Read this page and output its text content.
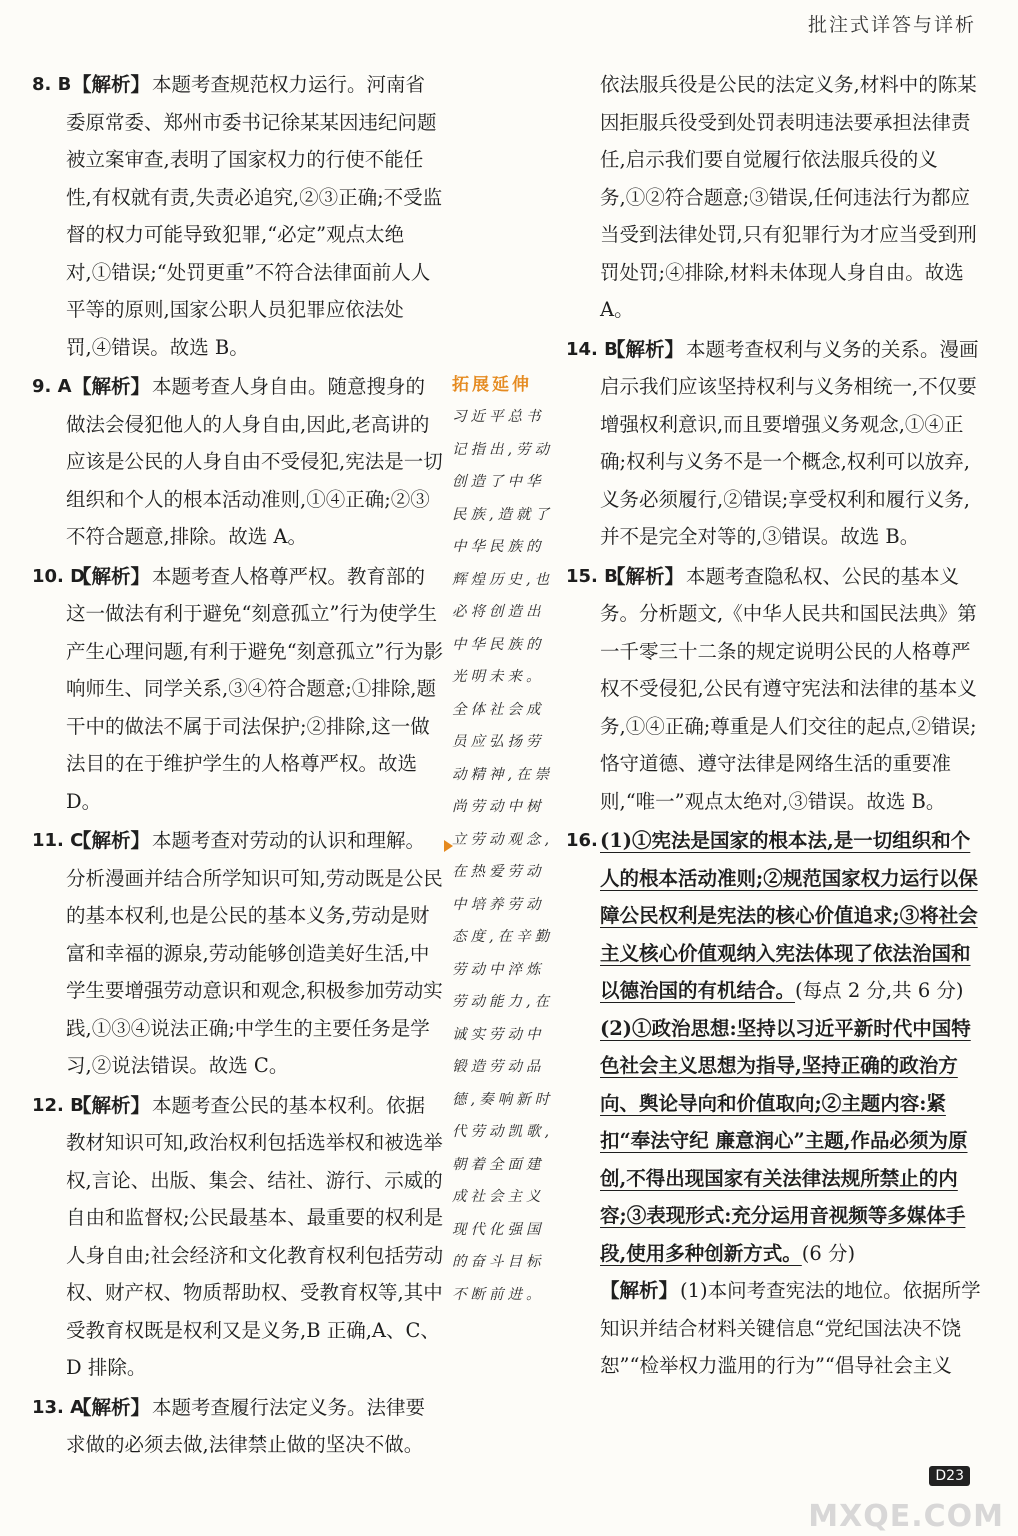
批注式详答与详析
8. B 【解析】 本题考查规范权力运行。河南省委原常委、郑州市委书记徐某某因违纪问题被立案审查,表明了国家权力的行使不能任性,有权就有责,失责必追究,②③正确;不受监督的权力可能导致犯罪,“必定”观点太绝对,①错误;“处罚更重”不符合法律面前人人平等的原则,国家公职人员犯罪应依法处罚,④错误。故选 B。
9. A 【解析】 本题考查人身自由。随意搜身的做法会侵犯他人的人身自由,因此,老高讲的应该是公民的人身自由不受侵犯,宪法是一切组织和个人的根本活动准则,①④正确;②③不符合题意,排除。故选 A。
10. D
【解析】 本题考查人格尊严权。教育部的这一做法有利于避免“刻意孤立”行为使学生产生心理问题,有利于避免“刻意孤立”行为影响师生、同学关系,③④符合题意;①排除,题干中的做法不属于司法保护;②排除,这一做法目的在于维护学生的人格尊严权。故选 D。
11. C
【解析】 本题考查对劳动的认识和理解。分析漫画并结合所学知识可知,劳动既是公民的基本权利,也是公民的基本义务,劳动是财富和幸福的源泉,劳动能够创造美好生活,中学生要增强劳动意识和观念,积极参加劳动实践,①③④说法正确;中学生的主要任务是学习,②说法错误。故选 C。
12. B
【解析】 本题考查公民的基本权利。依据教材知识可知,政治权利包括选举权和被选举权,言论、出版、集会、结社、游行、示威的自由和监督权;公民最基本、最重要的权利是人身自由;社会经济和文化教育权利包括劳动权、财产权、物质帮助权、受教育权等,其中受教育权既是权利又是义务,B 正确,A、C、D 排除。
13. A
【解析】 本题考查履行法定义务。法律要求做的必须去做,法律禁止做的坚决不做。
拓展延伸
习近平总书记指出,劳动创造了中华民族,造就了中华民族的辉煌历史,也必将创造出中华民族的光明未来。全体社会成员应弘扬劳动精神,在崇尚劳动中树立劳动观念,在热爱劳动中培养劳动态度,在辛勤劳动中淬炼劳动能力,在诚实劳动中锻造劳动品德,奏响新时代劳动凯歌,朝着全面建成社会主义现代化强国的奋斗目标不断前进。
依法服兵役是公民的法定义务,材料中的陈某因拒服兵役受到处罚表明违法要承担法律责任,启示我们要自觉履行依法服兵役的义务,①②符合题意;③错误,任何违法行为都应当受到法律处罚,只有犯罪行为才应当受到刑罚处罚;④排除,材料未体现人身自由。故选 A。
14. B
【解析】 本题考查权利与义务的关系。漫画启示我们应该坚持权利与义务相统一,不仅要增强权利意识,而且要增强义务观念,①④正确;权利与义务不是一个概念,权利可以放弃,义务必须履行,②错误;享受权利和履行义务,并不是完全对等的,③错误。故选 B。
15. B
【解析】 本题考查隐私权、公民的基本义务。分析题文,《中华人民共和国民法典》第一千零三十二条的规定说明公民的人格尊严权不受侵犯,公民有遵守宪法和法律的基本义务,①④正确;尊重是人们交往的起点,②错误;恪守道德、遵守法律是网络生活的重要准则,“唯一”观点太绝对,③错误。故选 B。
16. (1)①宪法是国家的根本法,是一切组织和个人的根本活动准则;②规范国家权力运行以保障公民权利是宪法的核心价值追求;③将社会主义核心价值观纳入宪法体现了依法治国和以德治国的有机结合。(每点 2 分,共 6 分)
(2)①政治思想:坚持以习近平新时代中国特色社会主义思想为指导,坚持正确的政治方向、舆论导向和价值取向;②主题内容:紧扣“奉法守纪 廉意润心”主题,作品必须为原创,不得出现国家有关法律法规所禁止的内容;③表现形式:充分运用音视频等多媒体手段,使用多种创新方式。(6 分)
【解析】 (1)本问考查宪法的地位。依据所学知识并结合材料关键信息“党纪国法决不饶恕”“检举权力滥用的行为”“倡导社会主义
D23
MXQE.COM
